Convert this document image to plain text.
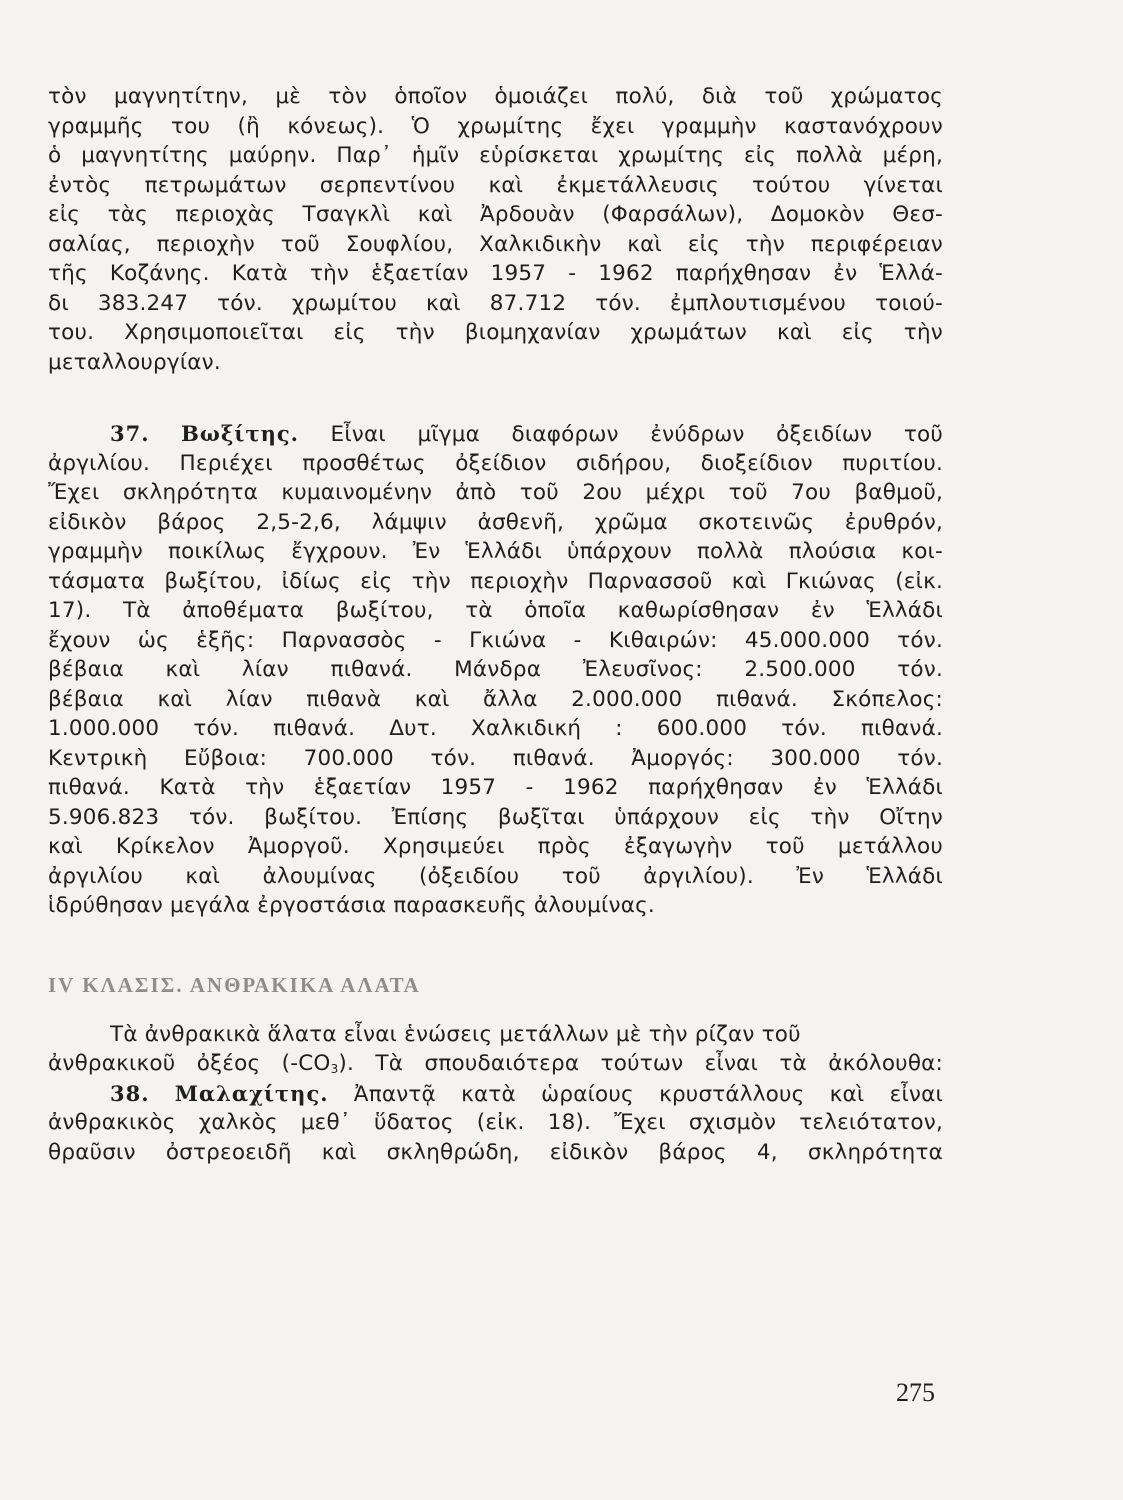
τὸν μαγνητίτην, μὲ τὸν ὁποῖον ὁμοιάζει πολύ, διὰ τοῦ χρώματος
γραμμῆς του (ἢ κόνεως). Ὁ χρωμίτης ἔχει γραμμὴν καστανόχρουν
ὁ μαγνητίτης μαύρην. Παρ᾽ ἡμῖν εὑρίσκεται χρωμίτης εἰς πολλὰ μέρη,
ἐντὸς πετρωμάτων σερπεντίνου καὶ ἐκμετάλλευσις τούτου γίνεται
εἰς τὰς περιοχὰς Τσαγκλὶ καὶ Ἀρδουὰν (Φαρσάλων), Δομοκὸν Θεσ-
σαλίας, περιοχὴν τοῦ Σουφλίου, Χαλκιδικὴν καὶ εἰς τὴν περιφέρειαν
τῆς Κοζάνης. Κατὰ τὴν ἑξαετίαν 1957 - 1962 παρήχθησαν ἐν Ἑλλά-
δι 383.247 τόν. χρωμίτου καὶ 87.712 τόν. ἐμπλουτισμένου τοιού-
του. Χρησιμοποιεῖται εἰς τὴν βιομηχανίαν χρωμάτων καὶ εἰς τὴν
μεταλλουργίαν.
37. Βωξίτης. Εἶναι μῖγμα διαφόρων ἐνύδρων ὀξειδίων τοῦ
ἀργιλίου. Περιέχει προσθέτως ὀξείδιον σιδήρου, διοξείδιον πυριτίου.
Ἔχει σκληρότητα κυμαινομένην ἀπὸ τοῦ 2ου μέχρι τοῦ 7ου βαθμοῦ,
εἰδικὸν βάρος 2,5-2,6, λάμψιν ἀσθενῆ, χρῶμα σκοτεινῶς ἐρυθρόν,
γραμμὴν ποικίλως ἔγχρουν. Ἐν Ἑλλάδι ὑπάρχουν πολλὰ πλούσια κοι-
τάσματα βωξίτου, ἰδίως εἰς τὴν περιοχὴν Παρνασσοῦ καὶ Γκιώνας (εἰκ.
17). Τὰ ἀποθέματα βωξίτου, τὰ ὁποῖα καθωρίσθησαν ἐν Ἑλλάδι
ἔχουν ὡς ἑξῆς: Παρνασσὸς - Γκιώνα - Κιθαιρών: 45.000.000 τόν.
βέβαια καὶ λίαν πιθανά. Μάνδρα Ἐλευσῖνος: 2.500.000 τόν.
βέβαια καὶ λίαν πιθανὰ καὶ ἄλλα 2.000.000 πιθανά. Σκόπελος:
1.000.000 τόν. πιθανά. Δυτ. Χαλκιδική : 600.000 τόν. πιθανά.
Κεντρικὴ Εὔβοια: 700.000 τόν. πιθανά. Ἀμοργός: 300.000 τόν.
πιθανά. Κατὰ τὴν ἑξαετίαν 1957 - 1962 παρήχθησαν ἐν Ἑλλάδι
5.906.823 τόν. βωξίτου. Ἐπίσης βωξῖται ὑπάρχουν εἰς τὴν Οἴτην
καὶ Κρίκελον Ἀμοργοῦ. Χρησιμεύει πρὸς ἐξαγωγὴν τοῦ μετάλλου
ἀργιλίου καὶ ἀλουμίνας (ὀξειδίου τοῦ ἀργιλίου). Ἐν Ἑλλάδι
ἱδρύθησαν μεγάλα ἐργοστάσια παρασκευῆς ἀλουμίνας.
IV ΚΛΑΣΙΣ. ΑΝΘΡΑΚΙΚΑ ΑΛΑΤΑ
Τὰ ἀνθρακικὰ ἅλατα εἶναι ἑνώσεις μετάλλων μὲ τὴν ρίζαν τοῦ
ἀνθρακικοῦ ὀξέος $(-CO_3)$. Τὰ σπουδαιότερα τούτων εἶναι τὰ ἀκόλουθα:
38. Μαλαχίτης. Ἀπαντᾷ κατὰ ὡραίους κρυστάλλους καὶ εἶναι
ἀνθρακικὸς χαλκὸς μεθ᾽ ὕδατος (εἰκ. 18). Ἔχει σχισμὸν τελειότατον,
θραῦσιν ὀστρεοειδῆ καὶ σκληθρώδη, εἰδικὸν βάρος 4, σκληρότητα
275
